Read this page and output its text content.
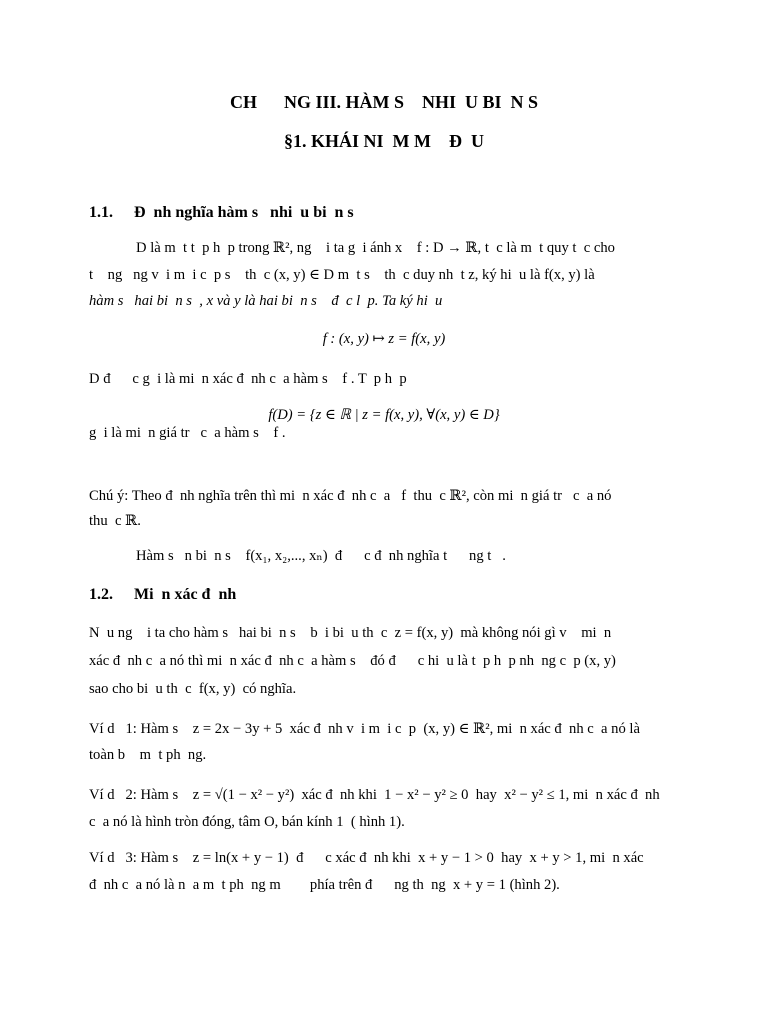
CH      NG III. HÀM S    NHI  U BI  N S
§1. KHÁI NI  M M    Đ  U
1.1. Đ  nh nghĩa hàm s   nhi  u bi  n s
D là m  t t  p h  p trong ℝ², ng    i ta g  i ánh x    f : D → ℝ, t  c là m  t quy t  c cho
t    ng   ng v  i m  i c  p s    th  c (x, y) ∈ D m  t s    th  c duy nh  t z, ký hi  u là f(x, y) là
hàm s   hai bi  n s  , x và y là hai bi  n s    đ  c l  p. Ta ký hi  u
f : (x, y) ↦ z = f(x, y)
D đ      c g  i là mi  n xác đ  nh c  a hàm s    f . T  p h  p
f(D) = {z ∈ ℝ | z = f(x, y), ∀(x, y) ∈ D}
g  i là mi  n giá tr   c  a hàm s    f .
Chú ý: Theo đ  nh nghĩa trên thì mi  n xác đ  nh c  a   f  thu  c ℝ², còn mi  n giá tr   c  a nó
thu  c ℝ.
Hàm s   n bi  n s    f(x₁, x₂,..., xₙ)  đ      c đ  nh nghĩa t      ng t   .
1.2. Mi  n xác đ  nh
N  u ng    i ta cho hàm s   hai bi  n s    b  i bi  u th  c  z = f(x, y)  mà không nói gì v    mi  n
xác đ  nh c  a nó thì mi  n xác đ  nh c  a hàm s    đó đ      c hi  u là t  p h  p nh  ng c  p (x, y)
sao cho bi  u th  c  f(x, y)  có nghĩa.
Ví d   1: Hàm s    z = 2x − 3y + 5  xác đ  nh v  i m  i c  p  (x, y) ∈ ℝ², mi  n xác đ  nh c  a nó là
toàn b    m  t ph  ng.
Ví d   2: Hàm s    z = √(1 − x² − y²)  xác đ  nh khi  1 − x² − y² ≥ 0  hay  x² − y² ≤ 1, mi  n xác đ  nh
c  a nó là hình tròn đóng, tâm O, bán kính 1  ( hình 1).
Ví d   3: Hàm s    z = ln(x + y − 1)  đ      c xác đ  nh khi  x + y − 1 > 0  hay  x + y > 1, mi  n xác
đ  nh c  a nó là n  a m  t ph  ng m        phía trên đ      ng th  ng  x + y = 1 (hình 2).
